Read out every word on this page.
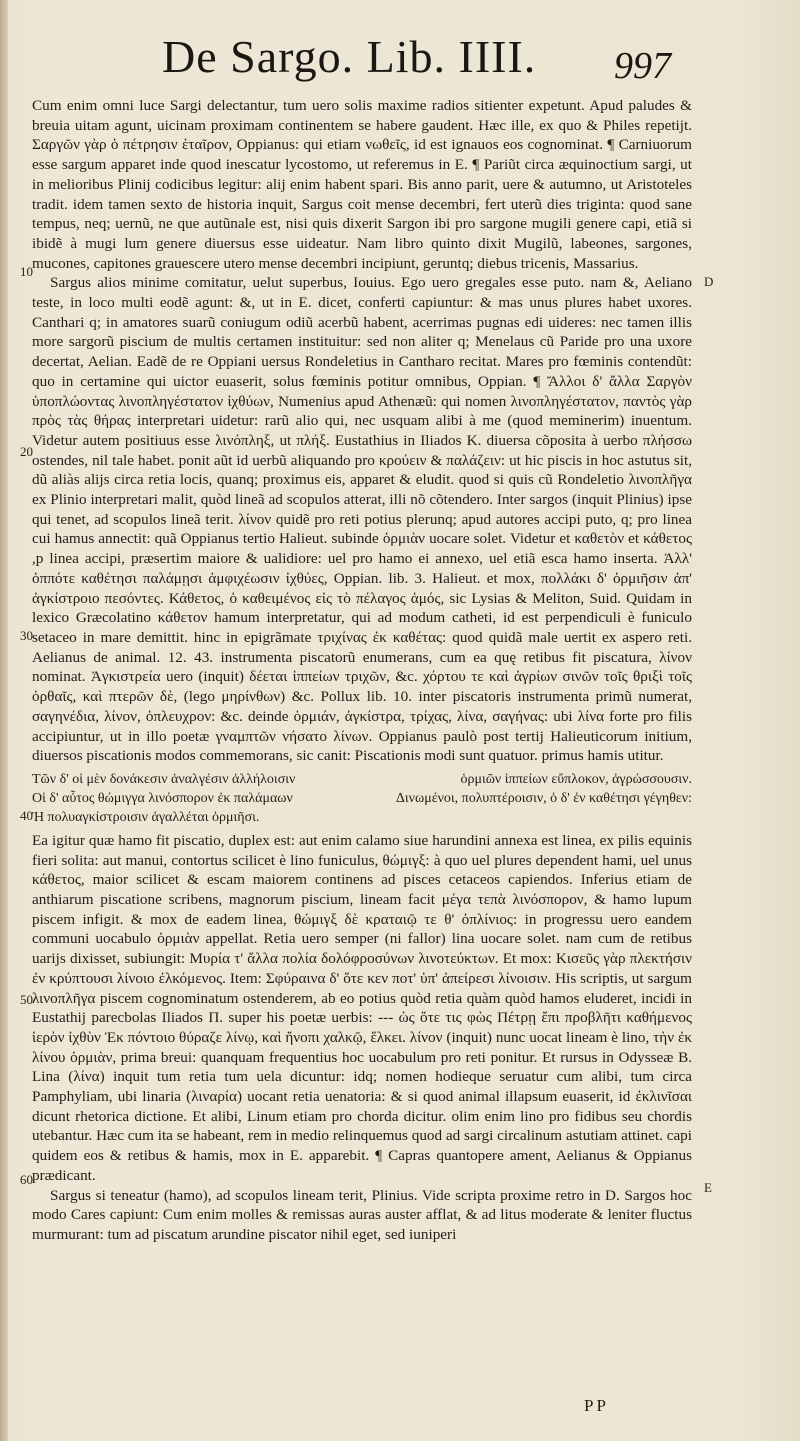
De Sargo. Lib. IIII. 997

Cum enim omni luce Sargi delectantur, tum uero solis maxime radios sitienter expetunt. Apud paludes & breuia uitam agunt, uicinam proximam continentem se habere gaudent. Hæc ille, ex quo & Philes repetijt. Σαργῶν γὰρ ὁ πέτρησιν ἑταῖρον, Oppianus: qui etiam νωθεῖς, id est ignauos eos cognominat. ¶ Carniuorum esse sargum apparet inde quod inescatur lycostomo, ut referemus in E. ¶ Pariũt circa æquinoctium sargi, ut in melioribus Plinij codicibus legitur: alij enim habent spari. Bis anno parit, uere & autumno, ut Aristoteles tradit. idem tamen sexto de historia inquit, Sargus coit mense decembri, fert uterũ dies triginta: quod sane tempus, neq; uernũ, ne que autũnale est, nisi quis dixerit Sargon ibi pro sargone mugili genere capi, etiã si ibidẽ à mugi lum genere diuersus esse uideatur. Nam libro quinto dixit Mugilũ, labeones, sargones, mucones, capitones grauescere utero mense decembri incipiunt, geruntq; diebus tricenis, Massarius.

Sargus alios minime comitatur, uelut superbus, Iouius. Ego uero gregales esse puto. nam &, Aeliano teste, in loco multi eodẽ agunt: &, ut in E. dicet, conferti capiuntur: & mas unus plures habet uxores. Canthari q; in amatores suarũ coniugum odiũ acerbũ habent, acerrimas pugnas edi uideres: nec tamen illis more sargorũ piscium de multis certamen instituitur: sed non aliter q; Menelaus cũ Paride pro una uxore decertat, Aelian. Eadẽ de re Oppiani uersus Rondeletius in Cantharo recitat. Mares pro fœminis contendũt: quo in certamine qui uictor euaserit, solus fœminis potitur omnibus, Oppian. ¶ Ἄλλοι δ' ἄλλα Σαργὸν ὑποπλώοντας λινοπληγέστατον ἰχθύων, Numenius apud Athenæũ: qui nomen λινοπληγέστατον, παντὸς γὰρ πρὸς τὰς θήρας interpretari uidetur: rarũ alio qui, nec usquam alibi à me (quod meminerim) inuentum. Videtur autem positiuus esse λινόπληξ, ut πλήξ. Eustathius in Iliados K. diuersa cõposita à uerbo πλήσσω ostendes, nil tale habet. ponit aũt id uerbũ aliquando pro κρούειν & παλάζειν: ut hic piscis in hoc astutus sit, dũ aliàs alijs circa retia locis, quanq; proximus eis, apparet & eludit. quod si quis cũ Rondeletio λινοπλῆγα ex Plinio interpretari malit, quòd lineã ad scopulos atterat, illi nõ cõtendero. Inter sargos (inquit Plinius) ipse qui tenet, ad scopulos lineã terit. λίνον quidẽ pro reti potius plerunq; apud autores accipi puto, q; pro linea cui hamus annectit: quã Oppianus tertio Halieut. subinde ὁρμιὰν uocare solet. Videtur et καθετὸν et κάθετος ,p linea accipi, præsertim maiore & ualidiore: uel pro hamo ei annexo, uel etiã esca hamo inserta. Ἀλλ' ὁππότε καθέτησι παλάμῃσι ἀμφιχέωσιν ἰχθύες, Oppian. lib. 3. Halieut. et mox, πολλάκι δ' ὁρμιῆσιν ἀπ' ἀγκίστροιο πεσόντες. Κάθετος, ὁ καθειμένος εἰς τὸ πέλαγος ἁμός, sic Lysias & Meliton, Suid. Quidam in lexico Græcolatino κάθετον hamum interpretatur, qui ad modum catheti, id est perpendiculi è funiculo setaceo in mare demittit. hinc in epigrãmate τριχίνας ἐκ καθέτας: quod quidã male uertit ex aspero reti. Aelianus de animal. 12. 43. instrumenta piscatorũ enumerans, cum ea quę retibus fit piscatura, λίνον nominat. Ἀγκιστρεία uero (inquit) δέεται ἱππείων τριχῶν, &c. χόρτου τε καὶ ἀγρίων σινῶν τοῖς θριξὶ τοῖς ὀρθαῖς, καὶ πτερῶν δὲ, (lego μηρίνθων) &c. Pollux lib. 10. inter piscatoris instrumenta primũ numerat, σαγηνέδια, λίνον, ὁπλευχρον: &c. deinde ὁρμιάν, ἀγκίστρα, τρίχας, λίνα, σαγήνας: ubi λίνα forte pro filis accipiuntur, ut in illo poetæ γναμπτῶν νήσατο λίνων. Oppianus paulò post tertij Halieuticorum initium, diuersos piscationis modos commemorans, sic canit: Piscationis modi sunt quatuor. primus hamis utitur.

Τῶν δ' οἱ μὲν δονάκεσιν ἀναλγέσιν ἀλλήλοισιν	ὁρμιῶν ἱππείων εὔπλοκον, ἀγρώσσουσιν.
Οἱ δ' αὖτος θώμιγγα λινόσπορον ἐκ παλάμαων	Δινωμένοι, πολυπτέροισιν, ὁ δ' ἐν καθέτησι γέγηθεν:
Ἠ πολυαγκίστροισιν ἀγαλλέται ὁρμιῆσι.

Ea igitur quæ hamo fit piscatio, duplex est: aut enim calamo siue harundini annexa est linea, ex pilis equinis fieri solita: aut manui, contortus scilicet è lino funiculus, θώμιγξ: à quo uel plures dependent hami, uel unus κάθετος, maior scilicet & escam maiorem continens ad pisces cetaceos capiendos. Inferius etiam de anthiarum piscatione scribens, magnorum piscium, lineam facit μέγα τεπὰ λινόσπορον, & hamo lupum piscem infigit. & mox de eadem linea, θώμιγξ δὲ κραταιῷ τε θ' ὀπλίνιος: in progressu uero eandem communi uocabulo ὁρμιὰν appellat. Retia uero semper (ni fallor) lina uocare solet. nam cum de retibus uarijs dixisset, subiungit: Μυρία τ' ἄλλα πολία δολόφροσύνων λινοτεύκτων. Et mox: Κισεῦς γὰρ πλεκτήσιν ἐν κρύπτουσι λίνοιο ἐλκόμενος. Item: Σφύραινα δ' ὅτε κεν ποτ' ὑπ' ἀπείρεσι λίνοισιν. His scriptis, ut sargum λινοπλῆγα piscem cognominatum ostenderem, ab eo potius quòd retia quàm quòd hamos eluderet, incidi in Eustathij parecbolas Iliados Π. super his poetæ uerbis: --- ὡς ὅτε τις φὼς Πέτρῃ ἔπι προβλῆτι καθήμενος ἱερὸν ἰχθὺν Ἐκ πόντοιο θύραζε λίνῳ, καὶ ἤνοπι χαλκῷ, ἕλκει. λίνον (inquit) nunc uocat lineam è lino, τὴν ἐκ λίνου ὁρμιὰν, prima breui: quanquam frequentius hoc uocabulum pro reti ponitur. Et rursus in Odysseæ B. Lina (λίνα) inquit tum retia tum uela dicuntur: idq; nomen hodieque seruatur cum alibi, tum circa Pamphyliam, ubi linaria (λιναρία) uocant retia uenatoria: & si quod animal illapsum euaserit, id ἐκλινῖσαι dicunt rhetorica dictione. Et alibi, Linum etiam pro chorda dicitur. olim enim lino pro fidibus seu chordis utebantur. Hæc cum ita se habeant, rem in medio relinquemus quod ad sargi circalinum astutiam attinet. capi quidem eos & retibus & hamis, mox in E. apparebit. ¶ Capras quantopere ament, Aelianus & Oppianus prædicant.

Sargus si teneatur (hamo), ad scopulos lineam terit, Plinius. Vide scripta proxime retro in D. Sargos hoc modo Cares capiunt: Cum enim molles & remissas auras auster afflat, & ad litus moderate & leniter fluctus murmurant: tum ad piscatum arundine piscator nihil eget, sed iuniperi

10
20
30
40
50
60
D
E
PP
